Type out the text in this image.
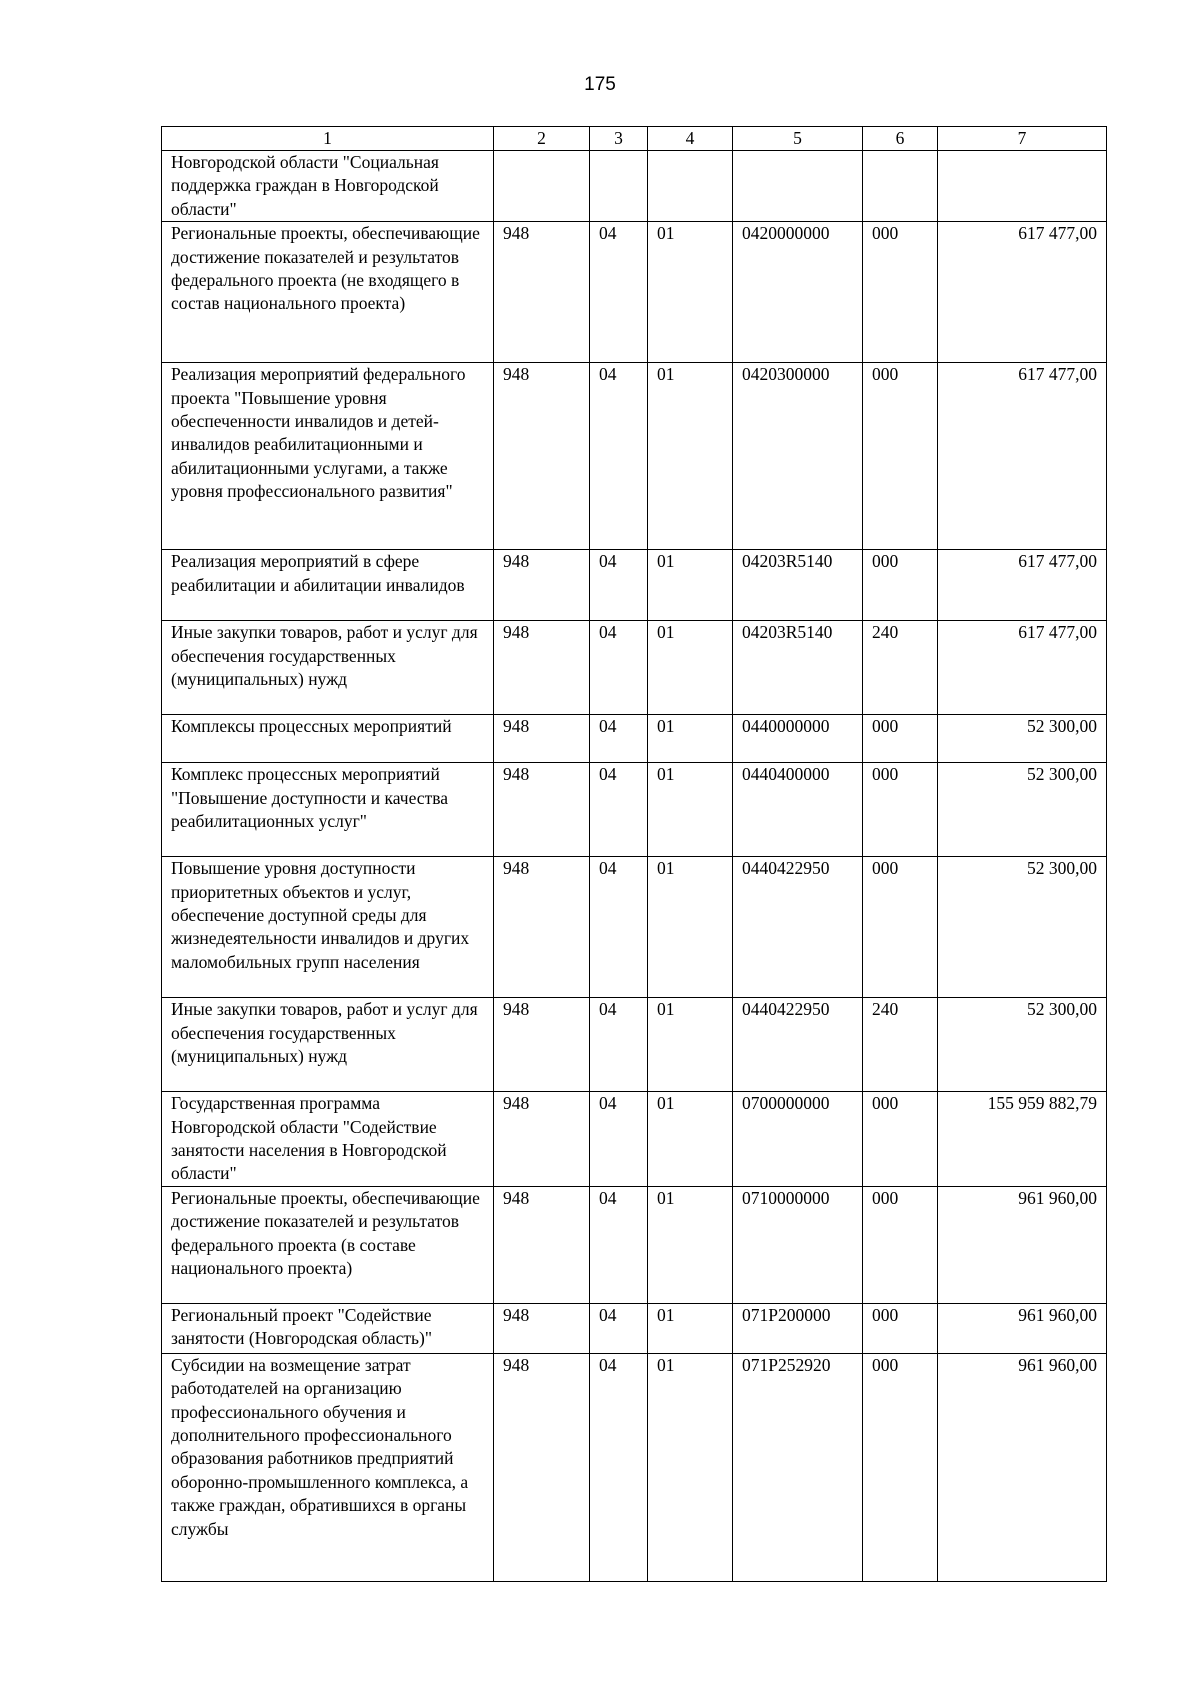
175
1	2	3	4	5	6	7
Новгородской области "Социальная поддержка граждан в Новгородской области"						
Региональные проекты, обеспечивающие достижение показателей и результатов федерального проекта (не входящего в состав национального проекта)	948	04	01	0420000000	000	617 477,00
Реализация мероприятий федерального проекта "Повышение уровня обеспеченности инвалидов и детей-инвалидов реабилитационными и абилитационными услугами, а также уровня профессионального развития"	948	04	01	0420300000	000	617 477,00
Реализация мероприятий в сфере реабилитации и абилитации инвалидов	948	04	01	04203R5140	000	617 477,00
Иные закупки товаров, работ и услуг для обеспечения государственных (муниципальных) нужд	948	04	01	04203R5140	240	617 477,00
Комплексы процессных мероприятий	948	04	01	0440000000	000	52 300,00
Комплекс процессных мероприятий "Повышение доступности и качества реабилитационных услуг"	948	04	01	0440400000	000	52 300,00
Повышение уровня доступности приоритетных объектов и услуг, обеспечение доступной среды для жизнедеятельности инвалидов и других маломобильных групп населения	948	04	01	0440422950	000	52 300,00
Иные закупки товаров, работ и услуг для обеспечения государственных (муниципальных) нужд	948	04	01	0440422950	240	52 300,00
Государственная программа Новгородской области "Содействие занятости населения в Новгородской области"	948	04	01	0700000000	000	155 959 882,79
Региональные проекты, обеспечивающие достижение показателей и результатов федерального проекта (в составе национального проекта)	948	04	01	0710000000	000	961 960,00
Региональный проект "Содействие занятости (Новгородская область)"	948	04	01	071P200000	000	961 960,00
Субсидии на возмещение затрат работодателей на организацию профессионального обучения и дополнительного профессионального образования работников предприятий оборонно-промышленного комплекса, а также граждан, обратившихся в органы службы	948	04	01	071P252920	000	961 960,00
